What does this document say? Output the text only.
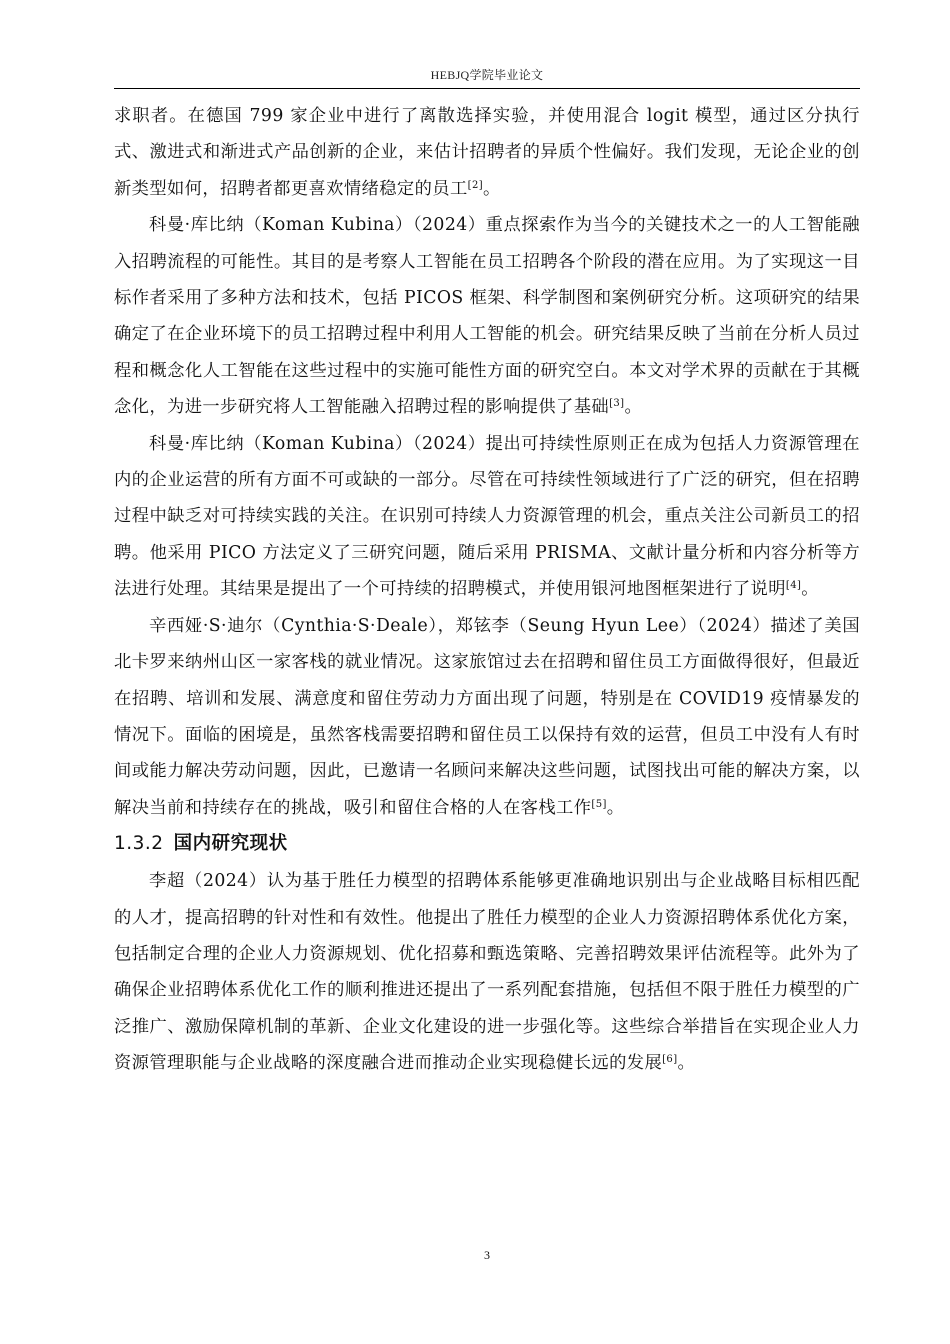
HEBJQ学院毕业论文

求职者。在德国 799 家企业中进行了离散选择实验，并使用混合 logit 模型，通过区分执行式、激进式和渐进式产品创新的企业，来估计招聘者的异质个性偏好。我们发现，无论企业的创新类型如何，招聘者都更喜欢情绪稳定的员工[2]。

科曼·库比纳（Koman Kubina）（2024）重点探索作为当今的关键技术之一的人工智能融入招聘流程的可能性。其目的是考察人工智能在员工招聘各个阶段的潜在应用。为了实现这一目标作者采用了多种方法和技术，包括 PICOS 框架、科学制图和案例研究分析。这项研究的结果确定了在企业环境下的员工招聘过程中利用人工智能的机会。研究结果反映了当前在分析人员过程和概念化人工智能在这些过程中的实施可能性方面的研究空白。本文对学术界的贡献在于其概念化，为进一步研究将人工智能融入招聘过程的影响提供了基础[3]。

科曼·库比纳（Koman Kubina）（2024）提出可持续性原则正在成为包括人力资源管理在内的企业运营的所有方面不可或缺的一部分。尽管在可持续性领域进行了广泛的研究，但在招聘过程中缺乏对可持续实践的关注。在识别可持续人力资源管理的机会，重点关注公司新员工的招聘。他采用 PICO 方法定义了三研究问题，随后采用 PRISMA、文献计量分析和内容分析等方法进行处理。其结果是提出了一个可持续的招聘模式，并使用银河地图框架进行了说明[4]。

辛西娅·S·迪尔（Cynthia·S·Deale），郑铉李（Seung Hyun Lee）（2024）描述了美国北卡罗来纳州山区一家客栈的就业情况。这家旅馆过去在招聘和留住员工方面做得很好，但最近在招聘、培训和发展、满意度和留住劳动力方面出现了问题，特别是在 COVID19 疫情暴发的情况下。面临的困境是，虽然客栈需要招聘和留住员工以保持有效的运营，但员工中没有人有时间或能力解决劳动问题，因此，已邀请一名顾问来解决这些问题，试图找出可能的解决方案，以解决当前和持续存在的挑战，吸引和留住合格的人在客栈工作[5]。

1.3.2 国内研究现状

李超（2024）认为基于胜任力模型的招聘体系能够更准确地识别出与企业战略目标相匹配的人才，提高招聘的针对性和有效性。他提出了胜任力模型的企业人力资源招聘体系优化方案，包括制定合理的企业人力资源规划、优化招募和甄选策略、完善招聘效果评估流程等。此外为了确保企业招聘体系优化工作的顺利推进还提出了一系列配套措施，包括但不限于胜任力模型的广泛推广、激励保障机制的革新、企业文化建设的进一步强化等。这些综合举措旨在实现企业人力资源管理职能与企业战略的深度融合进而推动企业实现稳健长远的发展[6]。

3
